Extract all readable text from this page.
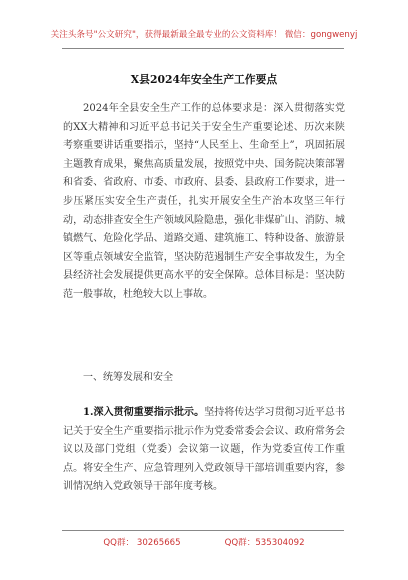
关注头条号"公文研究"，获得最新最全最专业的公文资料库！ 微信：gongwenyj
X县2024年安全生产工作要点
2024年全县安全生产工作的总体要求是：深入贯彻落实党的XX大精神和习近平总书记关于安全生产重要论述、历次来陕考察重要讲话重要指示，坚持“人民至上、生命至上”，巩固拓展主题教育成果，聚焦高质量发展，按照党中央、国务院决策部署和省委、省政府、市委、市政府、县委、县政府工作要求，进一步压紧压实安全生产责任，扎实开展安全生产治本攻坚三年行动，动态排查安全生产领域风险隐患，强化非煤矿山、消防、城镇燃气、危险化学品、道路交通、建筑施工、特种设备、旅游景区等重点领域安全监管，坚决防范遏制生产安全事故发生，为全县经济社会发展提供更高水平的安全保障。总体目标是：坚决防范一般事故，杜绝较大以上事故。
一、统筹发展和安全
1.深入贯彻重要指示批示。坚持将传达学习贯彻习近平总书记关于安全生产重要指示批示作为党委常委会会议、政府常务会议以及部门党组（党委）会议第一议题，作为党委宣传工作重点。将安全生产、应急管理列入党政领导干部培训重要内容，参训情况纳入党政领导干部年度考核。
QQ群： 30265665	QQ群：535304092
